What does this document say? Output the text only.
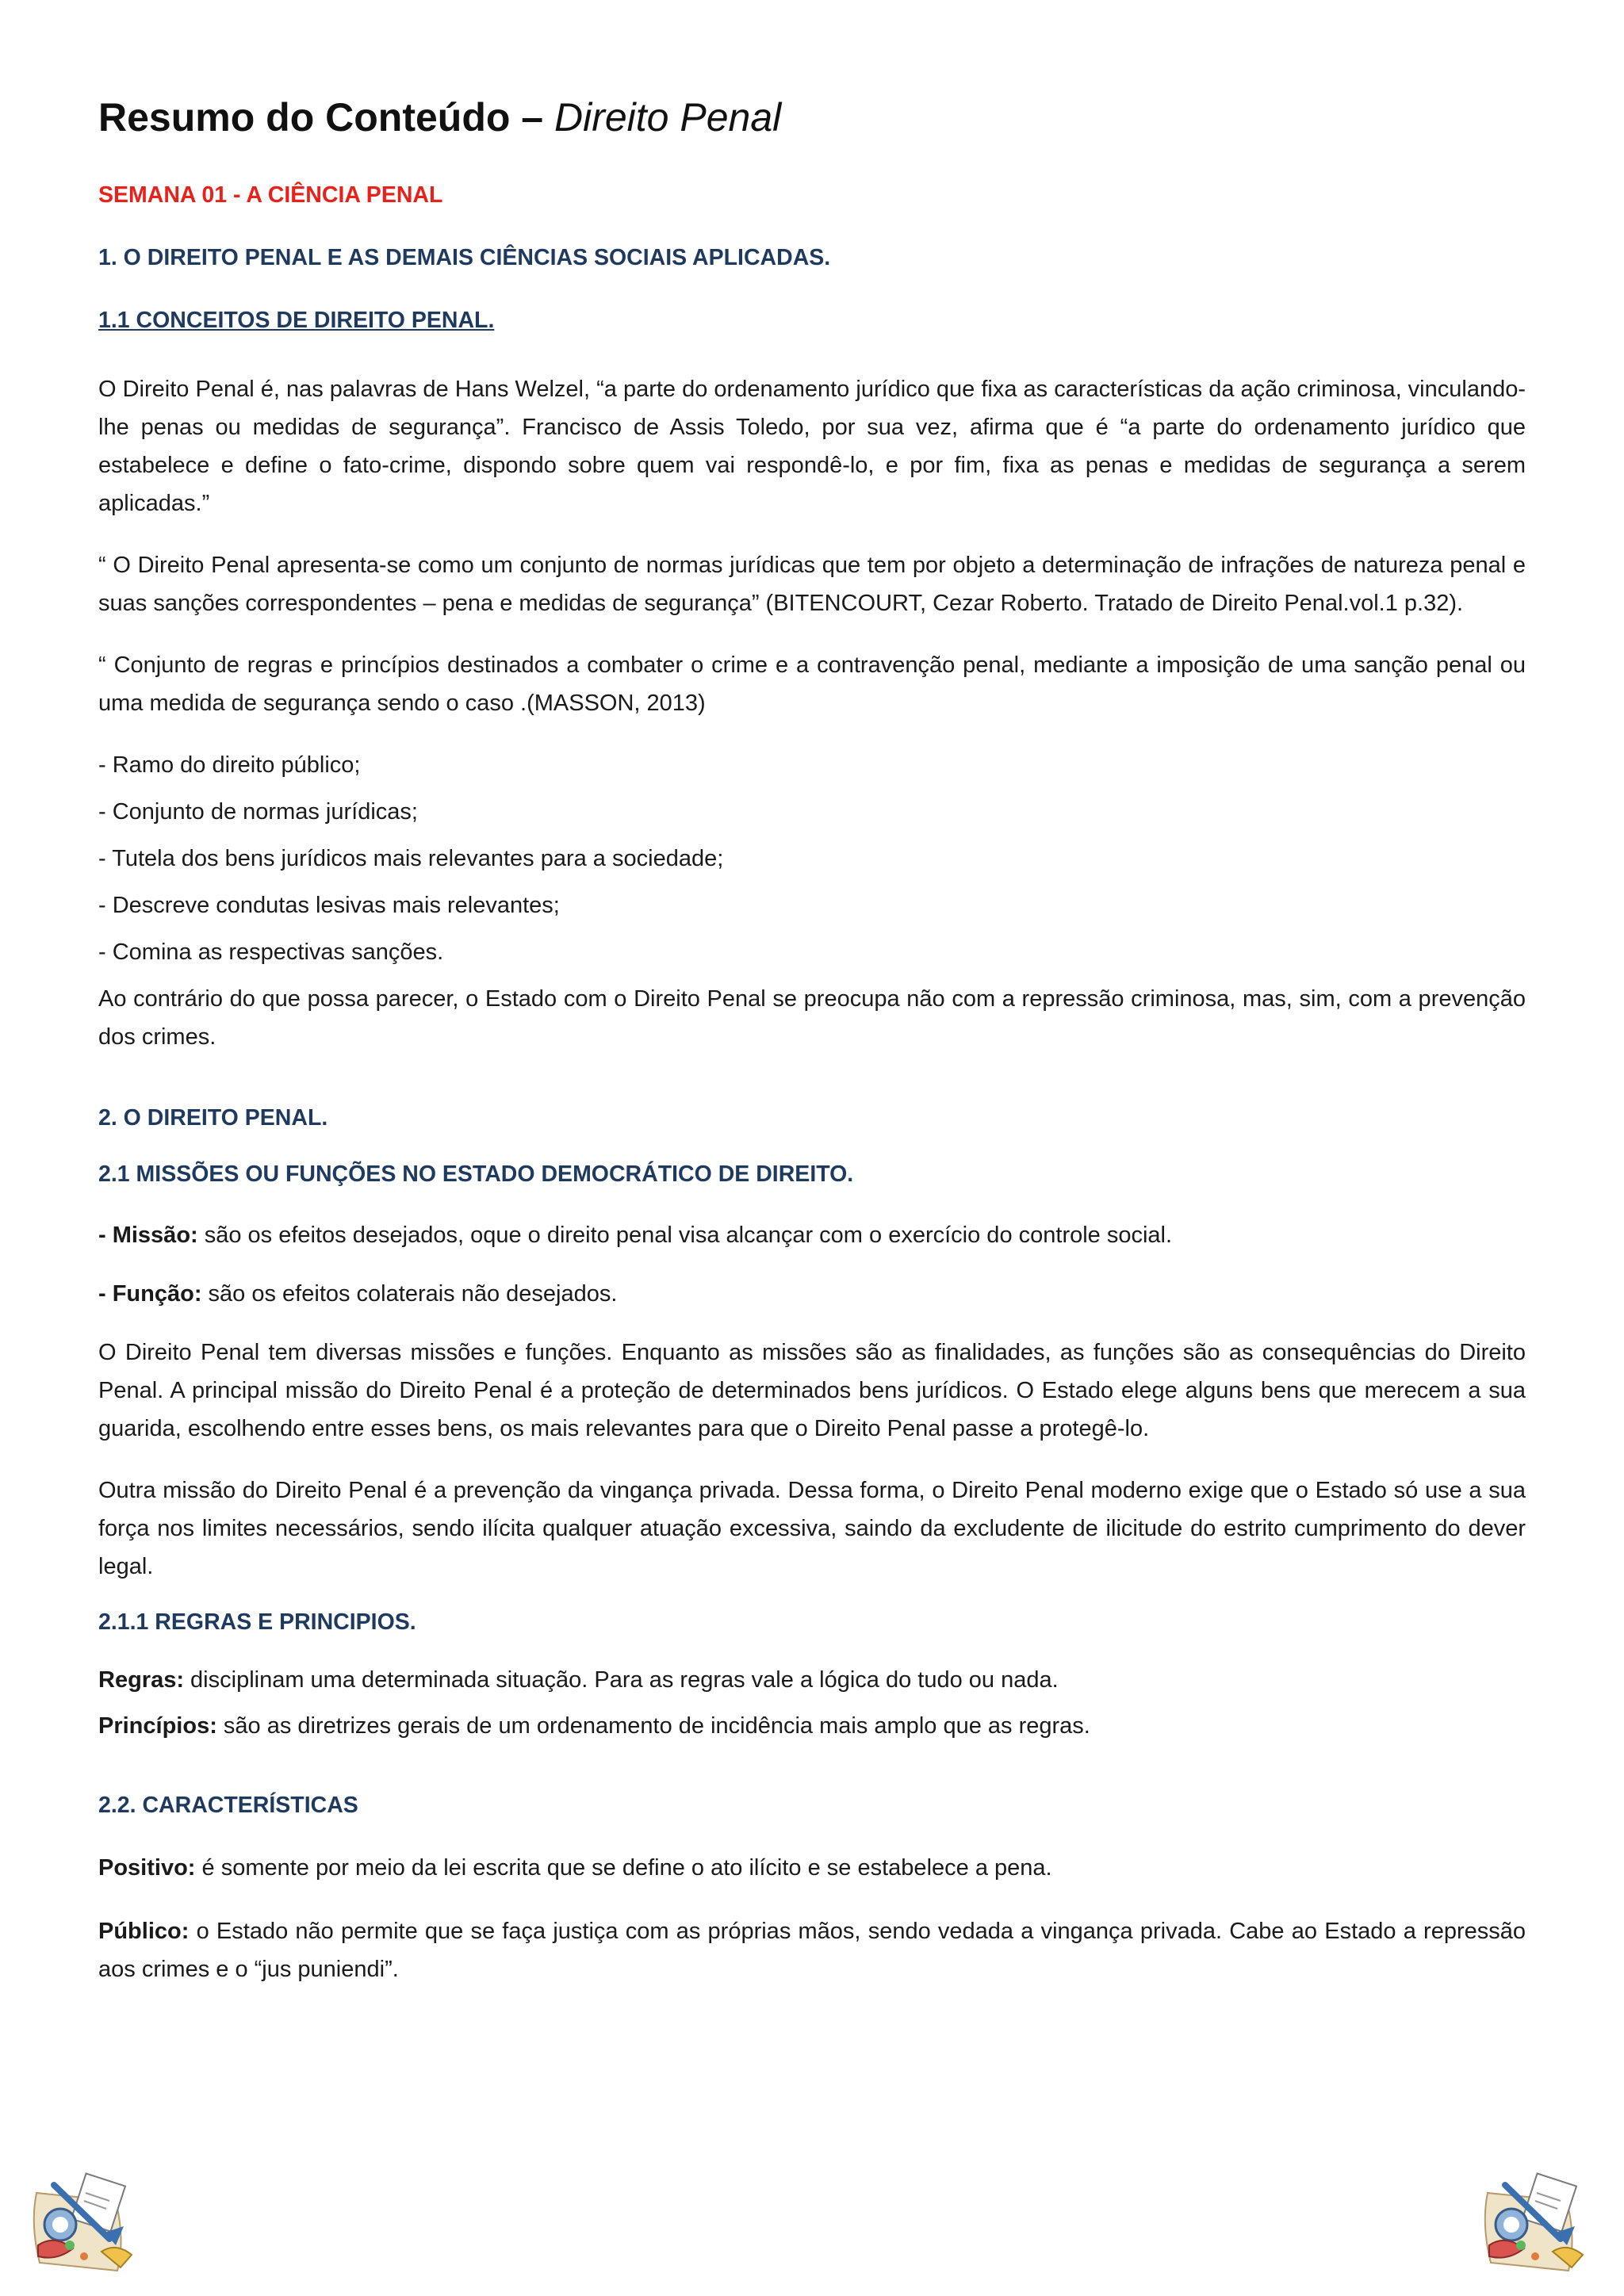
Resumo do Conteúdo – Direito Penal
SEMANA 01 - A CIÊNCIA PENAL
1. O DIREITO PENAL E AS DEMAIS CIÊNCIAS SOCIAIS APLICADAS.
1.1 CONCEITOS DE DIREITO PENAL.

O Direito Penal é, nas palavras de Hans Welzel, “a parte do ordenamento jurídico que fixa as características da ação criminosa, vinculando-lhe penas ou medidas de segurança”. Francisco de Assis Toledo, por sua vez, afirma que é “a parte do ordenamento jurídico que estabelece e define o fato-crime, dispondo sobre quem vai respondê-lo, e por fim, fixa as penas e medidas de segurança a serem aplicadas.”

“ O Direito Penal apresenta-se como um conjunto de normas jurídicas que tem por objeto a determinação de infrações de natureza penal e suas sanções correspondentes – pena e medidas de segurança” (BITENCOURT, Cezar Roberto. Tratado de Direito Penal.vol.1 p.32).

“ Conjunto de regras e princípios destinados a combater o crime e a contravenção penal, mediante a imposição de uma sanção penal ou uma medida de segurança sendo o caso .(MASSON, 2013)

- Ramo do direito público;
- Conjunto de normas jurídicas;
- Tutela dos bens jurídicos mais relevantes para a sociedade;
- Descreve condutas lesivas mais relevantes;
- Comina as respectivas sanções.

Ao contrário do que possa parecer, o Estado com o Direito Penal se preocupa não com a repressão criminosa, mas, sim, com a prevenção dos crimes.

2. O DIREITO PENAL.
2.1 MISSÕES OU FUNÇÕES NO ESTADO DEMOCRÁTICO DE DIREITO.

- Missão: são os efeitos desejados, oque o direito penal visa alcançar com o exercício do controle social.

- Função: são os efeitos colaterais não desejados.

O Direito Penal tem diversas missões e funções. Enquanto as missões são as finalidades, as funções são as consequências do Direito Penal. A principal missão do Direito Penal é a proteção de determinados bens jurídicos. O Estado elege alguns bens que merecem a sua guarida, escolhendo entre esses bens, os mais relevantes para que o Direito Penal passe a protegê-lo.

Outra missão do Direito Penal é a prevenção da vingança privada. Dessa forma, o Direito Penal moderno exige que o Estado só use a sua força nos limites necessários, sendo ilícita qualquer atuação excessiva, saindo da excludente de ilicitude do estrito cumprimento do dever legal.

2.1.1 REGRAS E PRINCIPIOS.

Regras: disciplinam uma determinada situação. Para as regras vale a lógica do tudo ou nada.

Princípios: são as diretrizes gerais de um ordenamento de incidência mais amplo que as regras.

2.2. CARACTERÍSTICAS

Positivo: é somente por meio da lei escrita que se define o ato ilícito e se estabelece a pena.

Público: o Estado não permite que se faça justiça com as próprias mãos, sendo vedada a vingança privada. Cabe ao Estado a repressão aos crimes e o “jus puniendi”.
